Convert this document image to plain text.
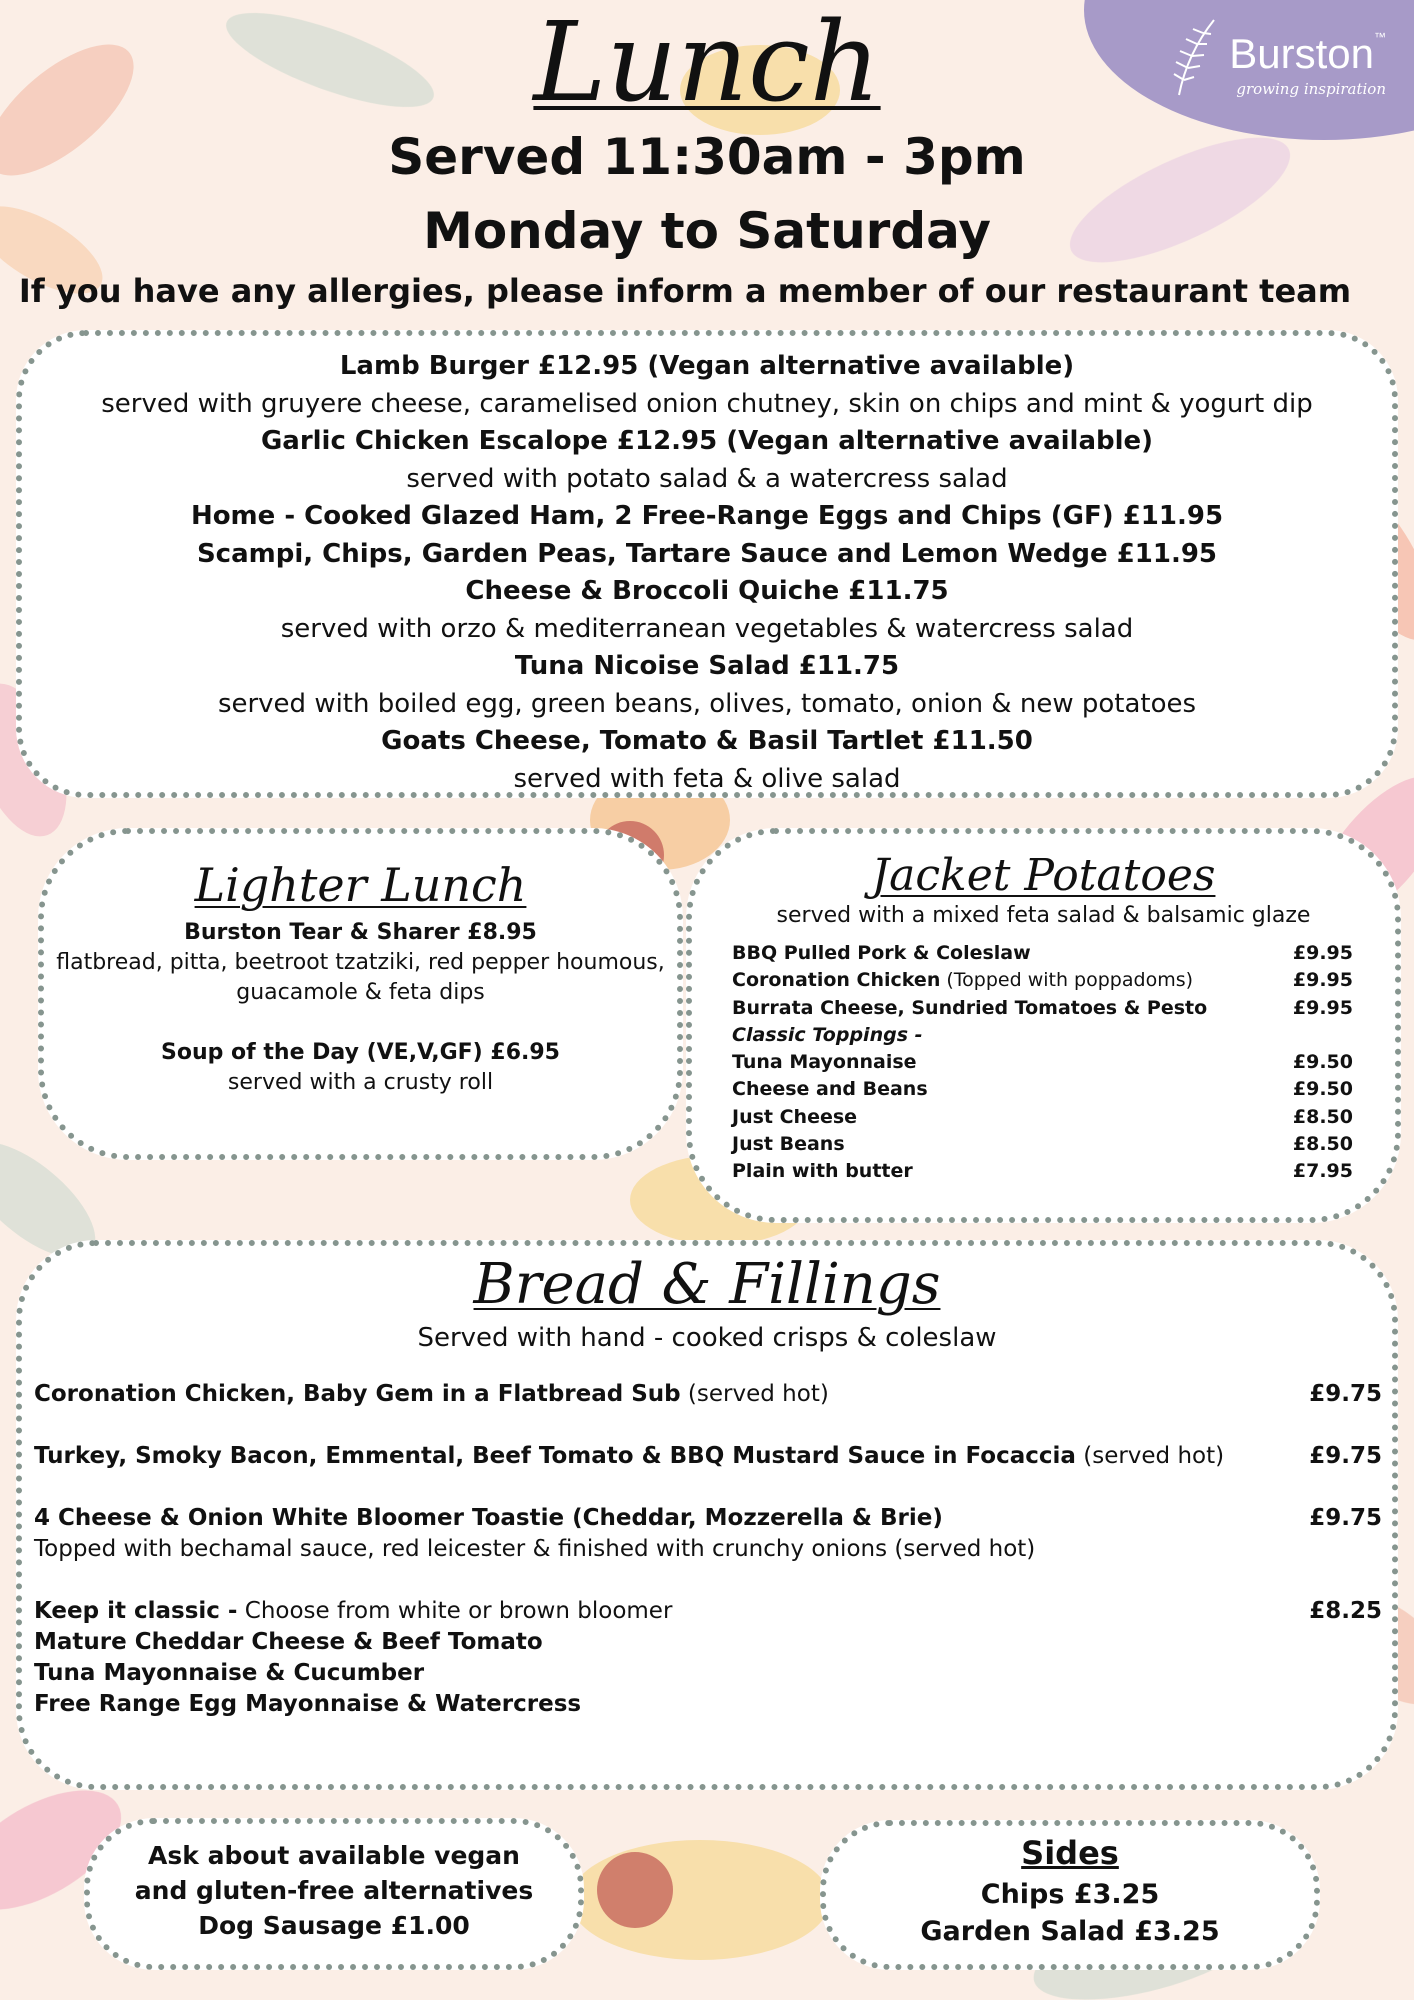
Burston™
growing inspiration
Lunch
Served 11:30am - 3pm
Monday to Saturday
If you have any allergies, please inform a member of our restaurant team
Lamb Burger £12.95 (Vegan alternative available)
served with gruyere cheese, caramelised onion chutney, skin on chips and mint & yogurt dip
Garlic Chicken Escalope £12.95 (Vegan alternative available)
served with potato salad & a watercress salad
Home - Cooked Glazed Ham, 2 Free-Range Eggs and Chips (GF) £11.95
Scampi, Chips, Garden Peas, Tartare Sauce and Lemon Wedge £11.95
Cheese & Broccoli Quiche £11.75
served with orzo & mediterranean vegetables & watercress salad
Tuna Nicoise Salad £11.75
served with boiled egg, green beans, olives, tomato, onion & new potatoes
Goats Cheese, Tomato & Basil Tartlet £11.50
served with feta & olive salad
Lighter Lunch
Burston Tear & Sharer £8.95
flatbread, pitta, beetroot tzatziki, red pepper houmous,
guacamole & feta dips
Soup of the Day (VE,V,GF) £6.95
served with a crusty roll
Jacket Potatoes
served with a mixed feta salad & balsamic glaze
BBQ Pulled Pork & Coleslaw	£9.95
Coronation Chicken (Topped with poppadoms)	£9.95
Burrata Cheese, Sundried Tomatoes & Pesto	£9.95
Classic Toppings -
Tuna Mayonnaise	£9.50
Cheese and Beans	£9.50
Just Cheese	£8.50
Just Beans	£8.50
Plain with butter	£7.95
Bread & Fillings
Served with hand - cooked crisps & coleslaw
Coronation Chicken, Baby Gem in a Flatbread Sub (served hot)	£9.75
Turkey, Smoky Bacon, Emmental, Beef Tomato & BBQ Mustard Sauce in Focaccia (served hot)	£9.75
4 Cheese & Onion White Bloomer Toastie (Cheddar, Mozzerella & Brie)	£9.75
Topped with bechamal sauce, red leicester & finished with crunchy onions (served hot)
Keep it classic - Choose from white or brown bloomer	£8.25
Mature Cheddar Cheese & Beef Tomato
Tuna Mayonnaise & Cucumber
Free Range Egg Mayonnaise & Watercress
Ask about available vegan
and gluten-free alternatives
Dog Sausage £1.00
Sides
Chips £3.25
Garden Salad £3.25
